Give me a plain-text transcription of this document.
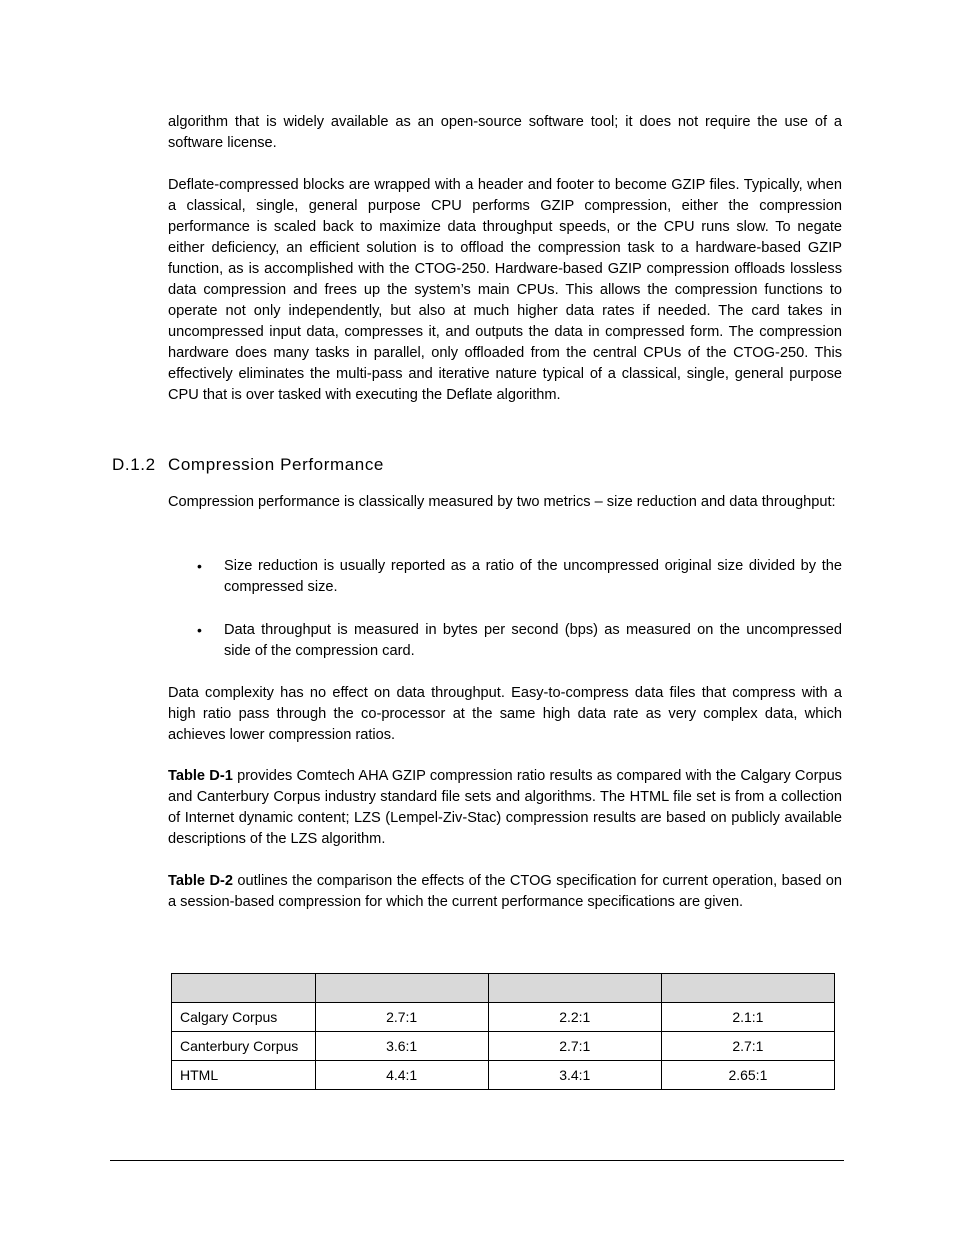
algorithm that is widely available as an open-source software tool; it does not require the use of a software license.

Deflate-compressed blocks are wrapped with a header and footer to become GZIP files. Typically, when a classical, single, general purpose CPU performs GZIP compression, either the compression performance is scaled back to maximize data throughput speeds, or the CPU runs slow. To negate either deficiency, an efficient solution is to offload the compression task to a hardware-based GZIP function, as is accomplished with the CTOG-250. Hardware-based GZIP compression offloads lossless data compression and frees up the system’s main CPUs. This allows the compression functions to operate not only independently, but also at much higher data rates if needed. The card takes in uncompressed input data, compresses it, and outputs the data in compressed form. The compression hardware does many tasks in parallel, only offloaded from the central CPUs of the CTOG-250. This effectively eliminates the multi-pass and iterative nature typical of a classical, single, general purpose CPU that is over tasked with executing the Deflate algorithm.

D.1.2 Compression Performance

Compression performance is classically measured by two metrics – size reduction and data throughput:

• Size reduction is usually reported as a ratio of the uncompressed original size divided by the compressed size.
• Data throughput is measured in bytes per second (bps) as measured on the uncompressed side of the compression card.

Data complexity has no effect on data throughput. Easy-to-compress data files that compress with a high ratio pass through the co-processor at the same high data rate as very complex data, which achieves lower compression ratios.

Table D-1 provides Comtech AHA GZIP compression ratio results as compared with the Calgary Corpus and Canterbury Corpus industry standard file sets and algorithms. The HTML file set is from a collection of Internet dynamic content; LZS (Lempel-Ziv-Stac) compression results are based on publicly available descriptions of the LZS algorithm.

Table D-2 outlines the comparison the effects of the CTOG specification for current operation, based on a session-based compression for which the current performance specifications are given.

Calgary Corpus	2.7:1	2.2:1	2.1:1
Canterbury Corpus	3.6:1	2.7:1	2.7:1
HTML	4.4:1	3.4:1	2.65:1
